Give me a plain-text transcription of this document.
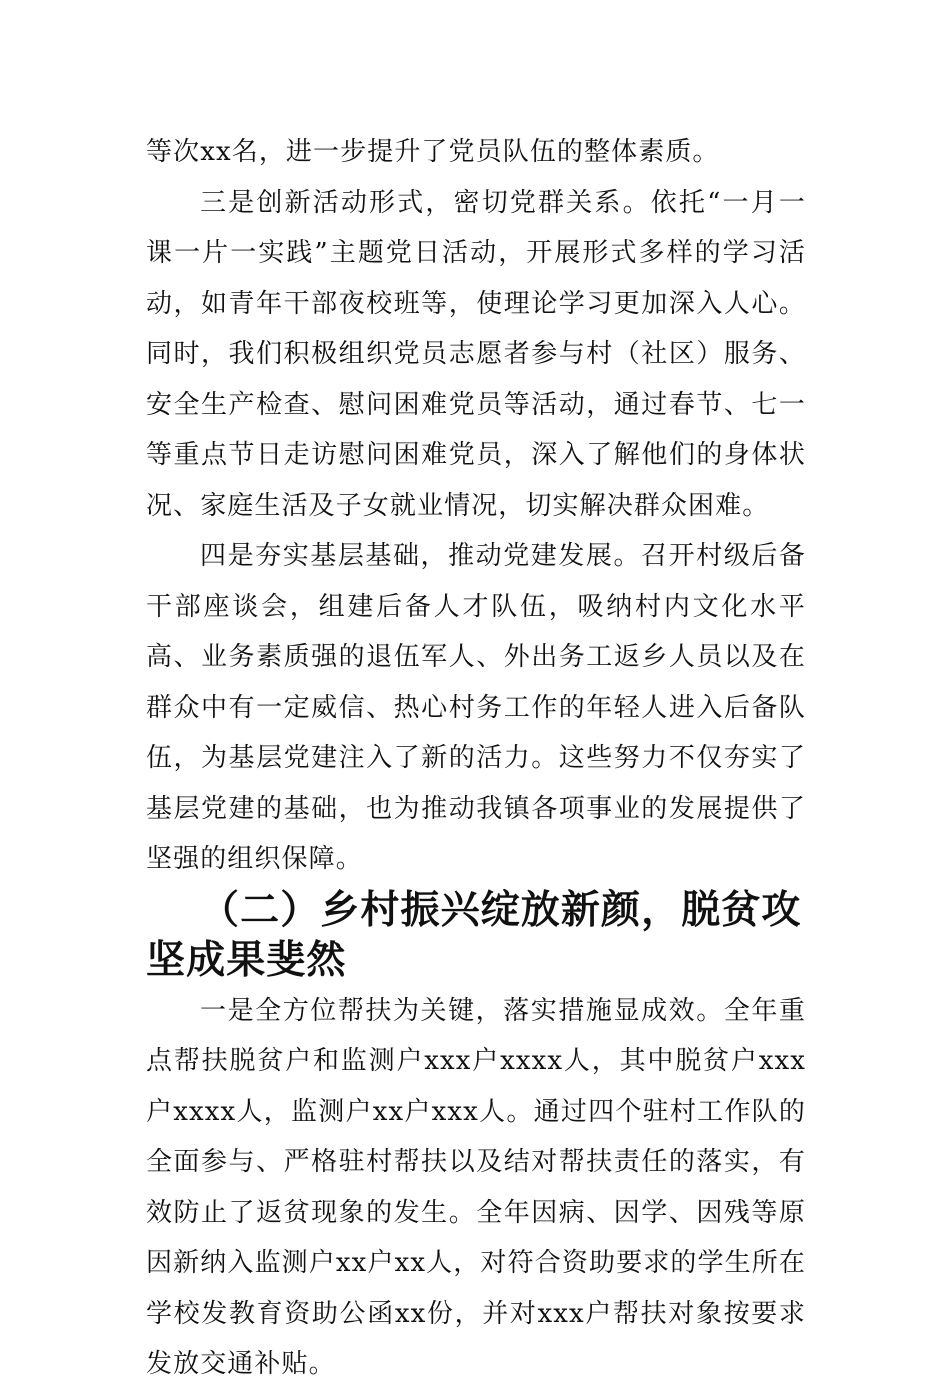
等次xx名，进一步提升了党员队伍的整体素质。

三是创新活动形式，密切党群关系。依托“一月一课一片一实践”主题党日活动，开展形式多样的学习活动，如青年干部夜校班等，使理论学习更加深入人心。同时，我们积极组织党员志愿者参与村（社区）服务、安全生产检查、慰问困难党员等活动，通过春节、七一等重点节日走访慰问困难党员，深入了解他们的身体状况、家庭生活及子女就业情况，切实解决群众困难。

四是夯实基层基础，推动党建发展。召开村级后备干部座谈会，组建后备人才队伍，吸纳村内文化水平高、业务素质强的退伍军人、外出务工返乡人员以及在群众中有一定威信、热心村务工作的年轻人进入后备队伍，为基层党建注入了新的活力。这些努力不仅夯实了基层党建的基础，也为推动我镇各项事业的发展提供了坚强的组织保障。

（二）乡村振兴绽放新颜，脱贫攻坚成果斐然

一是全方位帮扶为关键，落实措施显成效。全年重点帮扶脱贫户和监测户xxx户xxxx人，其中脱贫户xxx户xxxx人，监测户xx户xxx人。通过四个驻村工作队的全面参与、严格驻村帮扶以及结对帮扶责任的落实，有效防止了返贫现象的发生。全年因病、因学、因残等原因新纳入监测户xx户xx人，对符合资助要求的学生所在学校发教育资助公函xx份，并对xxx户帮扶对象按要求发放交通补贴。
